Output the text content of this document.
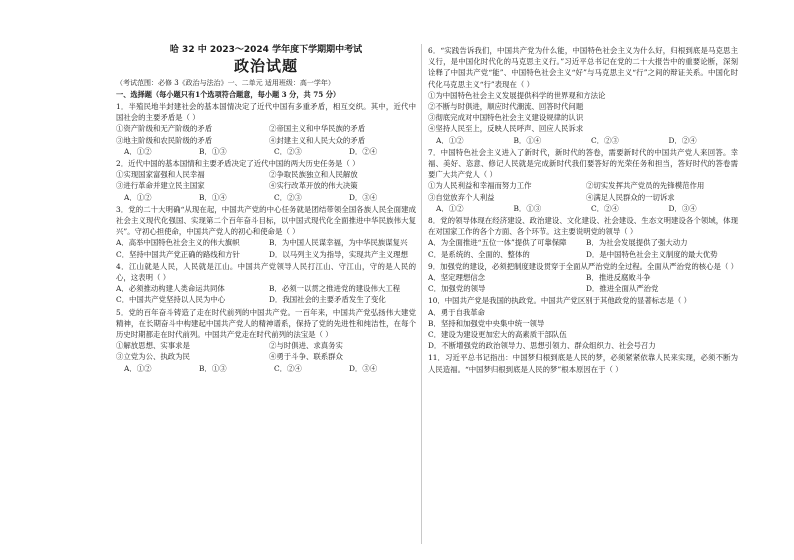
哈 32 中 2023～2024 学年度下学期期中考试
政治试题
（考试范围：必修 3《政治与法治》一、二单元 适用班级：高一学年）
一、选择题（每小题只有1个选项符合题意，每小题 3 分，共 75 分）
1．半殖民地半封建社会的基本国情决定了近代中国有多重矛盾，相互交织。其中，近代中国社会的主要矛盾是（ ）
①资产阶级和无产阶级的矛盾	②帝国主义和中华民族的矛盾
③地主阶级和农民阶级的矛盾	④封建主义和人民大众的矛盾
A．①②	B．①③	C．②③	D．②④
2．近代中国的基本国情和主要矛盾决定了近代中国的两大历史任务是（ ）
①实现国家富强和人民幸福	②争取民族独立和人民解放
③进行革命并建立民主国家	④实行改革开放的伟大决策
A．①②	B．①④	C．②③	D．③④
3．党的二十大明确“从现在起，中国共产党的中心任务就是团结带领全国各族人民全面建成社会主义现代化强国、实现第二个百年奋斗目标，以中国式现代化全面推进中华民族伟大复兴”。守初心担使命，中国共产党人的初心和使命是（ ）
A．高举中国特色社会主义的伟大旗帜	B．为中国人民谋幸福，为中华民族谋复兴
C．坚持中国共产党正确的路线和方针	D．以马列主义为指导，实现共产主义理想
4．江山就是人民，人民就是江山。中国共产党领导人民打江山、守江山，守的是人民的心，这表明（ ）
A．必须推动构建人类命运共同体	B．必须一以贯之推进党的建设伟大工程
C．中国共产党坚持以人民为中心	D．我国社会的主要矛盾发生了变化
5．党的百年奋斗铸造了走在时代前列的中国共产党。一百年来，中国共产党弘扬伟大建党精神，在长期奋斗中构建起中国共产党人的精神谱系，保持了党的先进性和纯洁性，在每个历史时期都走在时代前列。中国共产党走在时代前列的法宝是（ ）
①解放思想、实事求是	②与时俱进、求真务实
③立党为公、执政为民	④勇于斗争、联系群众
A．①②	B．①③	C．②④	D．③④
6．“实践告诉我们，中国共产党为什么能，中国特色社会主义为什么好，归根到底是马克思主义行，是中国化时代化的马克思主义行。”习近平总书记在党的二十大报告中的重要论断，深刻诠释了中国共产党“能”、中国特色社会主义“好”与马克思主义“行”之间的辩证关系。中国化时代化马克思主义“行”表现在（ ）
①为中国特色社会主义发展提供科学的世界观和方法论
②不断与时俱进，顺应时代潮流、回答时代问题
③彻底完成对中国特色社会主义建设规律的认识
④坚持人民至上，反映人民呼声、回应人民诉求
A．①②	B．①④	C．②③	D．②④
7．中国特色社会主义进入了新时代，新时代的答卷，需要新时代的中国共产党人来回答。幸福、美好、恣意、修记人民就是完成新时代我们要答好的光荣任务和担当，答好时代的答卷需要广大共产党人（ ）
①为人民利益和幸福而努力工作	②切实发挥共产党员的先锋模范作用
③自觉放弃个人利益	④满足人民群众的一切诉求
A．①②	B．①③	C．②④	D．③④
8．党的领导体现在经济建设、政治建设、文化建设、社会建设、生态文明建设各个领域，体现在对国家工作的各个方面、各个环节。这主要说明党的领导（ ）
A．为全面推进“五位一体”提供了可靠保障	B．为社会发展提供了强大动力
C．是系统的、全面的、整体的	D．是中国特色社会主义制度的最大优势
9．加强党的建设，必须把制度建设贯穿于全面从严治党的全过程。全面从严治党的核心是（ ）
A．坚定理想信念	B．推进反腐败斗争
C．加强党的领导	D．推进全面从严治党
10．中国共产党是我国的执政党。中国共产党区别于其他政党的显著标志是（ ）
A．勇于自我革命
B．坚持和加强党中央集中统一领导
C．建设为建设更加宏大的高素质干部队伍
D．不断增强党的政治领导力、思想引领力、群众组织力、社会号召力
11．习近平总书记指出：中国梦归根到底是人民的梦，必须紧紧依靠人民来实现，必须不断为人民造福。“中国梦归根到底是人民的梦”根本原因在于（ ）
